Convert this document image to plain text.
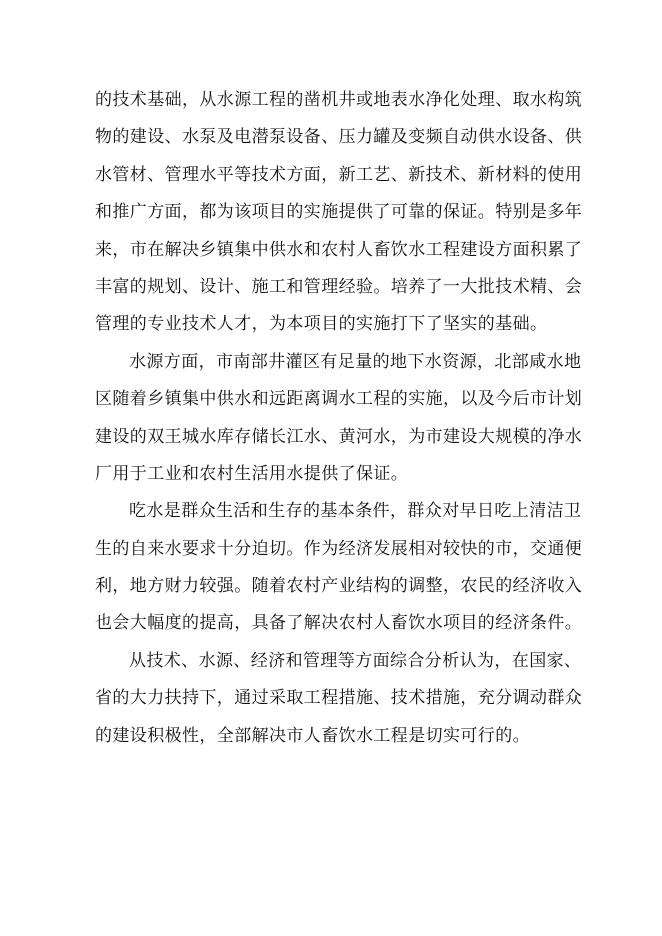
的技术基础，从水源工程的凿机井或地表水净化处理、取水构筑
物的建设、水泵及电潜泵设备、压力罐及变频自动供水设备、供
水管材、管理水平等技术方面，新工艺、新技术、新材料的使用
和推广方面，都为该项目的实施提供了可靠的保证。特别是多年
来，市在解决乡镇集中供水和农村人畜饮水工程建设方面积累了
丰富的规划、设计、施工和管理经验。培养了一大批技术精、会
管理的专业技术人才，为本项目的实施打下了坚实的基础。
水源方面，市南部井灌区有足量的地下水资源，北部咸水地
区随着乡镇集中供水和远距离调水工程的实施，以及今后市计划
建设的双王城水库存储长江水、黄河水，为市建设大规模的净水
厂用于工业和农村生活用水提供了保证。
吃水是群众生活和生存的基本条件，群众对早日吃上清洁卫
生的自来水要求十分迫切。作为经济发展相对较快的市，交通便
利，地方财力较强。随着农村产业结构的调整，农民的经济收入
也会大幅度的提高，具备了解决农村人畜饮水项目的经济条件。
从技术、水源、经济和管理等方面综合分析认为，在国家、
省的大力扶持下，通过采取工程措施、技术措施，充分调动群众
的建设积极性，全部解决市人畜饮水工程是切实可行的。
